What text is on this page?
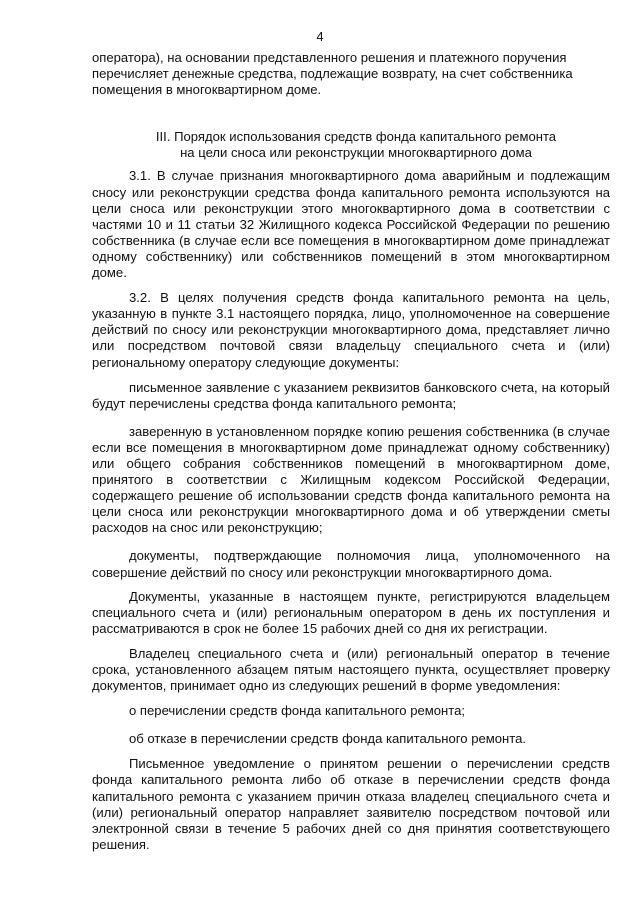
4

оператора), на основании представленного решения и платежного поручения

перечисляет денежные средства, подлежащие возврату, на счет собственника

помещения в многоквартирном доме.

III. Порядок использования средств фонда капитального ремонта
на цели сноса или реконструкции многоквартирного дома

3.1. В случае признания многоквартирного дома аварийным и подлежащим сносу или реконструкции средства фонда капитального ремонта используются на цели сноса или реконструкции этого многоквартирного дома в соответствии с частями 10 и 11 статьи 32 Жилищного кодекса Российской Федерации по решению собственника (в случае если все помещения в многоквартирном доме принадлежат одному собственнику) или собственников помещений в этом многоквартирном доме.

3.2. В целях получения средств фонда капитального ремонта на цель, указанную в пункте 3.1 настоящего порядка, лицо, уполномоченное на совершение действий по сносу или реконструкции многоквартирного дома, представляет лично или посредством почтовой связи владельцу специального счета и (или) региональному оператору следующие документы:

письменное заявление с указанием реквизитов банковского счета, на который будут перечислены средства фонда капитального ремонта;

заверенную в установленном порядке копию решения собственника (в случае если все помещения в многоквартирном доме принадлежат одному собственнику) или общего собрания собственников помещений в многоквартирном доме, принятого в соответствии с Жилищным кодексом Российской Федерации, содержащего решение об использовании средств фонда капитального ремонта на цели сноса или реконструкции многоквартирного дома и об утверждении сметы расходов на снос или реконструкцию;

документы, подтверждающие полномочия лица, уполномоченного на совершение действий по сносу или реконструкции многоквартирного дома.

Документы, указанные в настоящем пункте, регистрируются владельцем специального счета и (или) региональным оператором в день их поступления и рассматриваются в срок не более 15 рабочих дней со дня их регистрации.

Владелец специального счета и (или) региональный оператор в течение срока, установленного абзацем пятым настоящего пункта, осуществляет проверку документов, принимает одно из следующих решений в форме уведомления:

о перечислении средств фонда капитального ремонта;

об отказе в перечислении средств фонда капитального ремонта.

Письменное уведомление о принятом решении о перечислении средств фонда капитального ремонта либо об отказе в перечислении средств фонда капитального ремонта с указанием причин отказа владелец специального счета и (или) региональный оператор направляет заявителю посредством почтовой или электронной связи в течение 5 рабочих дней со дня принятия соответствующего решения.
